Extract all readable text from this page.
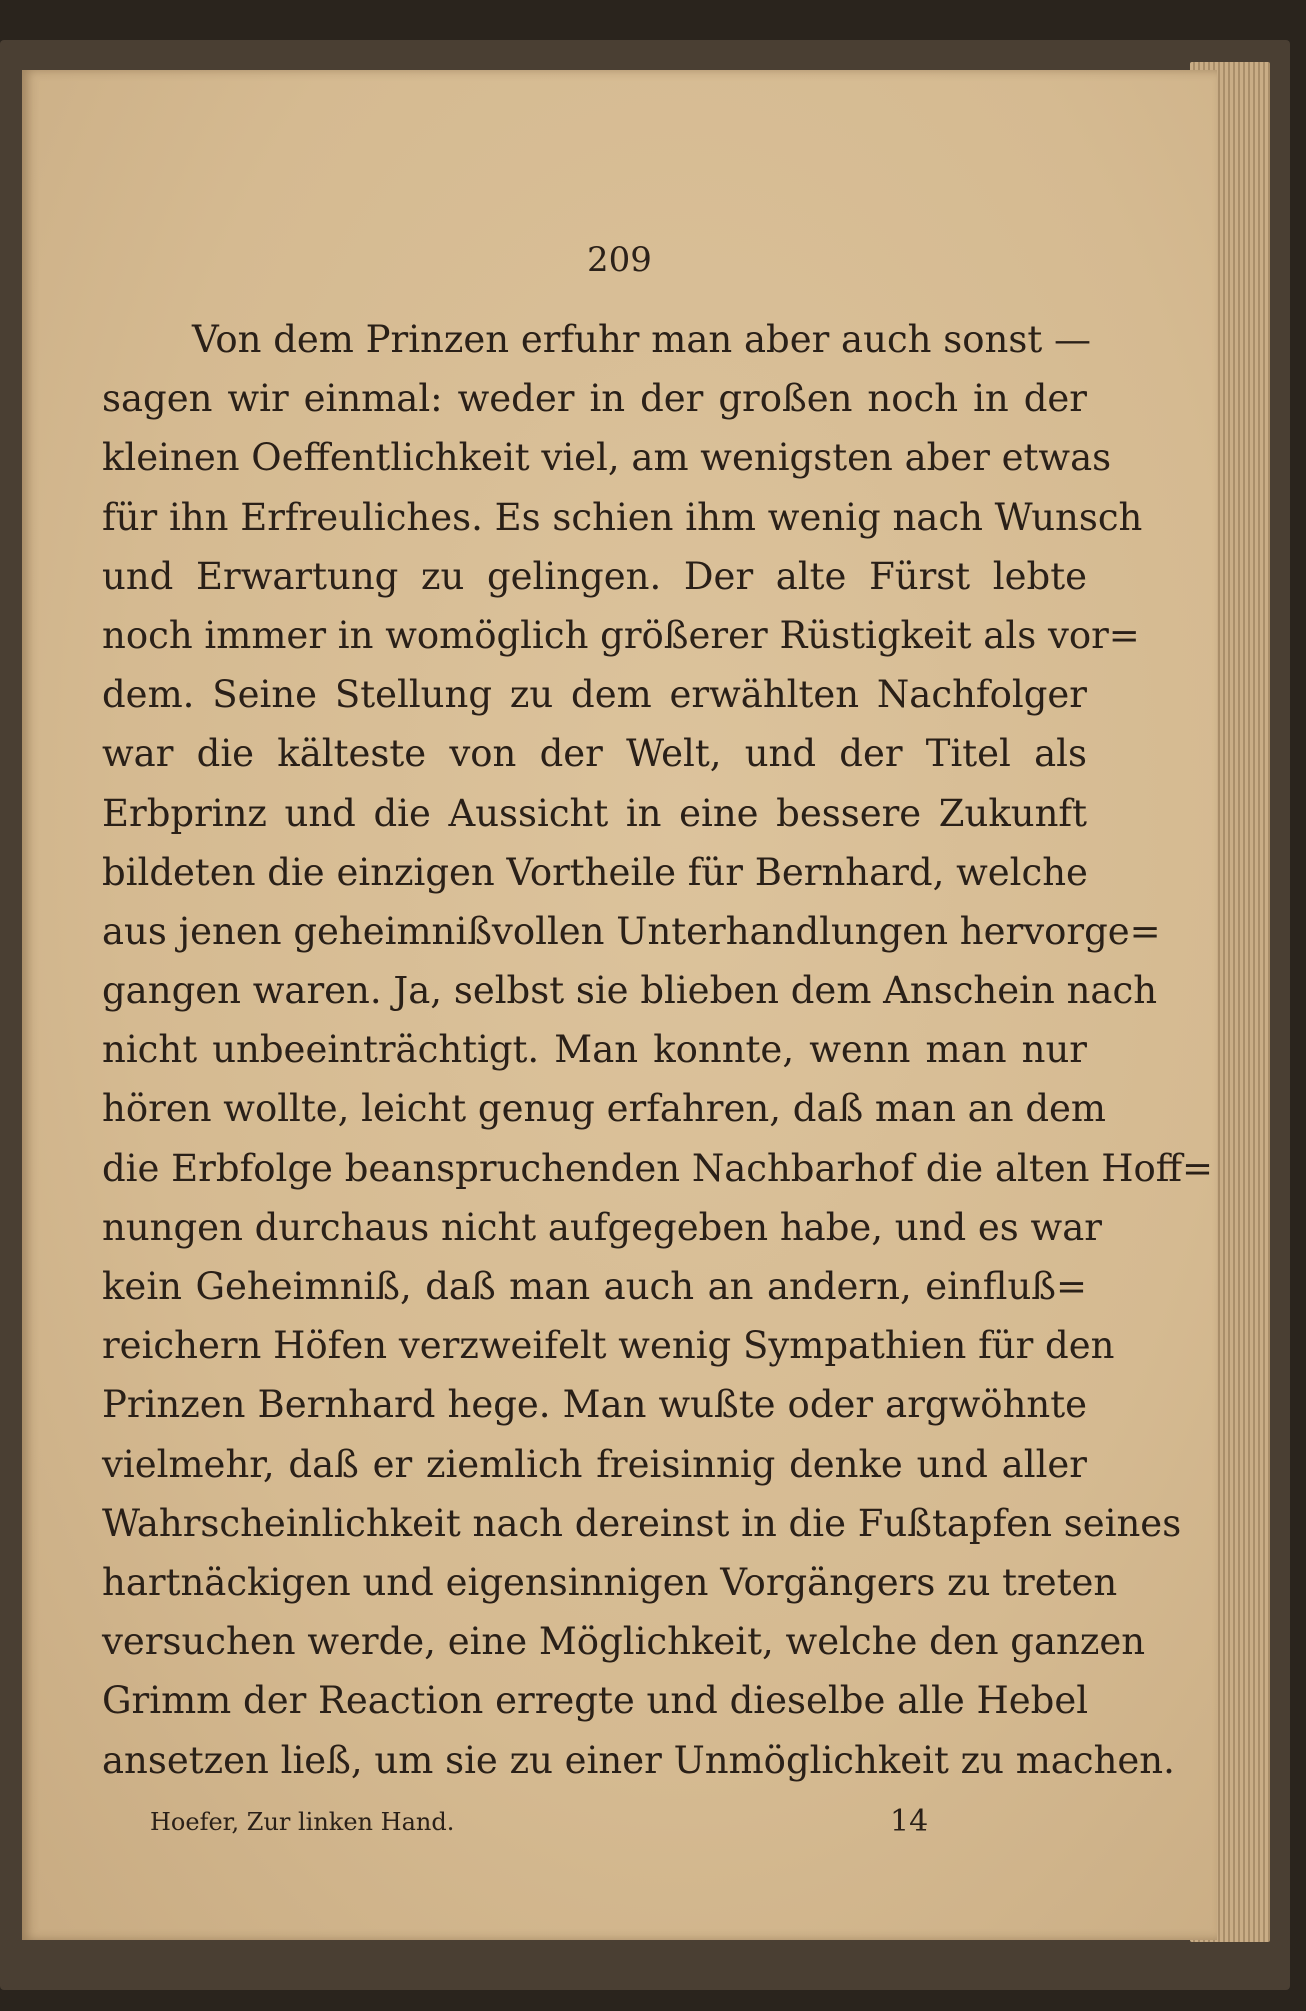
209
Von dem Prinzen erfuhr man aber auch sonst —
sagen wir einmal: weder in der großen noch in der
kleinen Oeffentlichkeit viel, am wenigsten aber etwas
für ihn Erfreuliches. Es schien ihm wenig nach Wunsch
und Erwartung zu gelingen. Der alte Fürst lebte
noch immer in womöglich größerer Rüstigkeit als vor=
dem. Seine Stellung zu dem erwählten Nachfolger
war die kälteste von der Welt, und der Titel als
Erbprinz und die Aussicht in eine bessere Zukunft
bildeten die einzigen Vortheile für Bernhard, welche
aus jenen geheimnißvollen Unterhandlungen hervorge=
gangen waren. Ja, selbst sie blieben dem Anschein nach
nicht unbeeinträchtigt. Man konnte, wenn man nur
hören wollte, leicht genug erfahren, daß man an dem
die Erbfolge beanspruchenden Nachbarhof die alten Hoff=
nungen durchaus nicht aufgegeben habe, und es war
kein Geheimniß, daß man auch an andern, einfluß=
reichern Höfen verzweifelt wenig Sympathien für den
Prinzen Bernhard hege. Man wußte oder argwöhnte
vielmehr, daß er ziemlich freisinnig denke und aller
Wahrscheinlichkeit nach dereinst in die Fußtapfen seines
hartnäckigen und eigensinnigen Vorgängers zu treten
versuchen werde, eine Möglichkeit, welche den ganzen
Grimm der Reaction erregte und dieselbe alle Hebel
ansetzen ließ, um sie zu einer Unmöglichkeit zu machen.
Hoefer, Zur linken Hand.	14
